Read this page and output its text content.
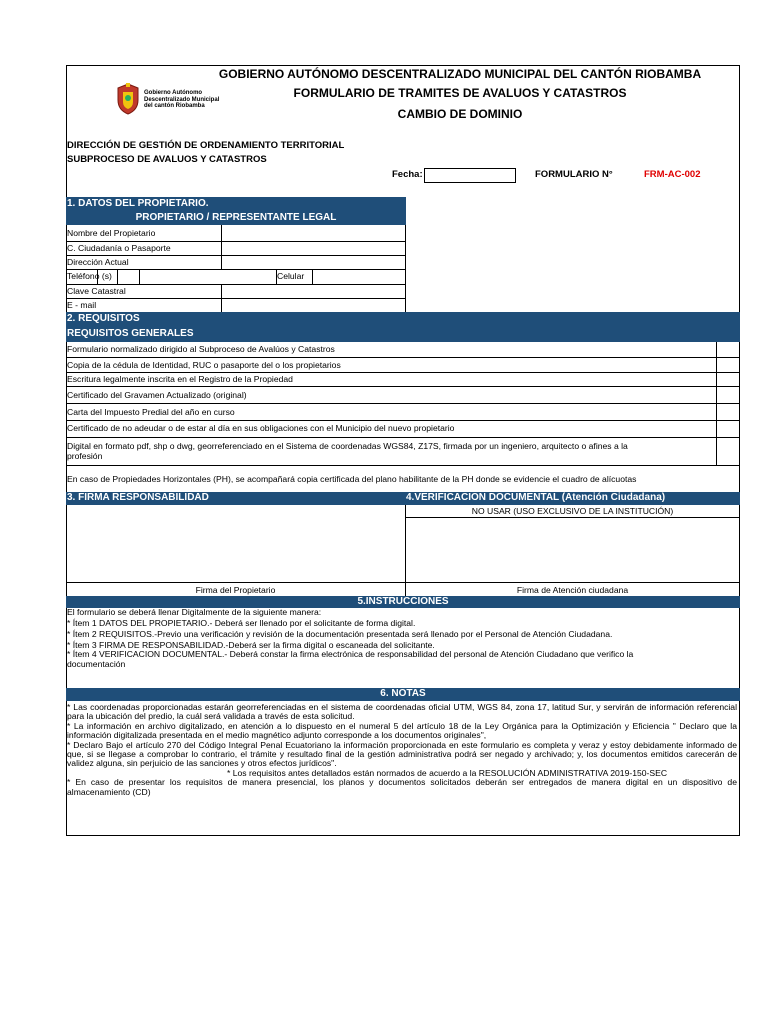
Gobierno Autónomo
Descentralizado Municipal
del cantón Riobamba
GOBIERNO AUTÓNOMO DESCENTRALIZADO MUNICIPAL DEL CANTÓN RIOBAMBA
FORMULARIO DE TRAMITES DE AVALUOS Y CATASTROS
CAMBIO DE DOMINIO
DIRECCIÓN DE GESTIÓN DE ORDENAMIENTO TERRITORIAL
SUBPROCESO DE AVALUOS Y CATASTROS
Fecha:	FORMULARIO N°	FRM-AC-002
1. DATOS DEL PROPIETARIO.
PROPIETARIO / REPRESENTANTE LEGAL
Nombre del Propietario
C. Ciudadanía o Pasaporte
Dirección Actual
Teléfono (s)	Celular
Clave Catastral
E - mail
2. REQUISITOS
REQUISITOS GENERALES
Formulario normalizado dirigido al Subproceso de Avalúos y Catastros
Copia de la cédula de Identidad, RUC o pasaporte del o los propietarios
Escritura legalmente inscrita en el Registro de la Propiedad
Certificado del Gravamen Actualizado (original)
Carta del Impuesto Predial del año en curso
Certificado de no adeudar o de estar al día en sus obligaciones con el Municipio del nuevo propietario
Digital en formato pdf, shp o dwg, georreferenciado en el Sistema de coordenadas WGS84, Z17S, firmada por un ingeniero, arquitecto o afines a la
profesión
En caso de Propiedades Horizontales (PH), se acompañará copia certificada del plano habilitante de la PH donde se evidencie el cuadro de alícuotas
3. FIRMA RESPONSABILIDAD	4.VERIFICACION DOCUMENTAL (Atención Ciudadana)
NO USAR (USO EXCLUSIVO DE LA INSTITUCIÓN)
Firma del Propietario	Firma de Atención ciudadana
5.INSTRUCCIONES
El formulario se deberá llenar Digitalmente de la siguiente manera:
* Ítem 1 DATOS DEL PROPIETARIO.- Deberá ser llenado por el solicitante de forma digital.
* Ítem 2 REQUISITOS.-Previo una verificación y revisión de la documentación presentada será llenado por el Personal de Atención Ciudadana.
* Ítem 3 FIRMA DE RESPONSABILIDAD.-Deberá ser la firma digital o escaneada del solicitante.
* Ítem 4 VERIFICACION DOCUMENTAL.- Deberá constar la firma electrónica de responsabilidad del personal de Atención Ciudadano que verifico la
documentación
6. NOTAS
* Las coordenadas proporcionadas estarán georreferenciadas en el sistema de coordenadas oficial UTM, WGS 84, zona 17, latitud Sur, y servirán de información referencial para la ubicación del predio, la cuál será validada a través de esta solicitud.
* La información en archivo digitalizado, en atención a lo dispuesto en el numeral 5 del artículo 18 de la Ley Orgánica para la Optimización y Eficiencia " Declaro que la información digitalizada presentada en el medio magnético adjunto corresponde a los documentos originales",
* Declaro Bajo el artículo 270 del Código Integral Penal Ecuatoriano la información proporcionada en este formulario es completa y veraz y estoy debidamente informado de que, si se llegase a comprobar lo contrario, el trámite y resultado final de la gestión administrativa podrá ser negado y archivado; y, los documentos emitidos carecerán de validez alguna, sin perjuicio de las sanciones y otros efectos jurídicos".
* Los requisitos antes detallados están normados de acuerdo a la RESOLUCIÓN ADMINISTRATIVA 2019-150-SEC
* En caso de presentar los requisitos de manera presencial, los planos y documentos solicitados deberán ser entregados de manera digital en un dispositivo de almacenamiento (CD)
